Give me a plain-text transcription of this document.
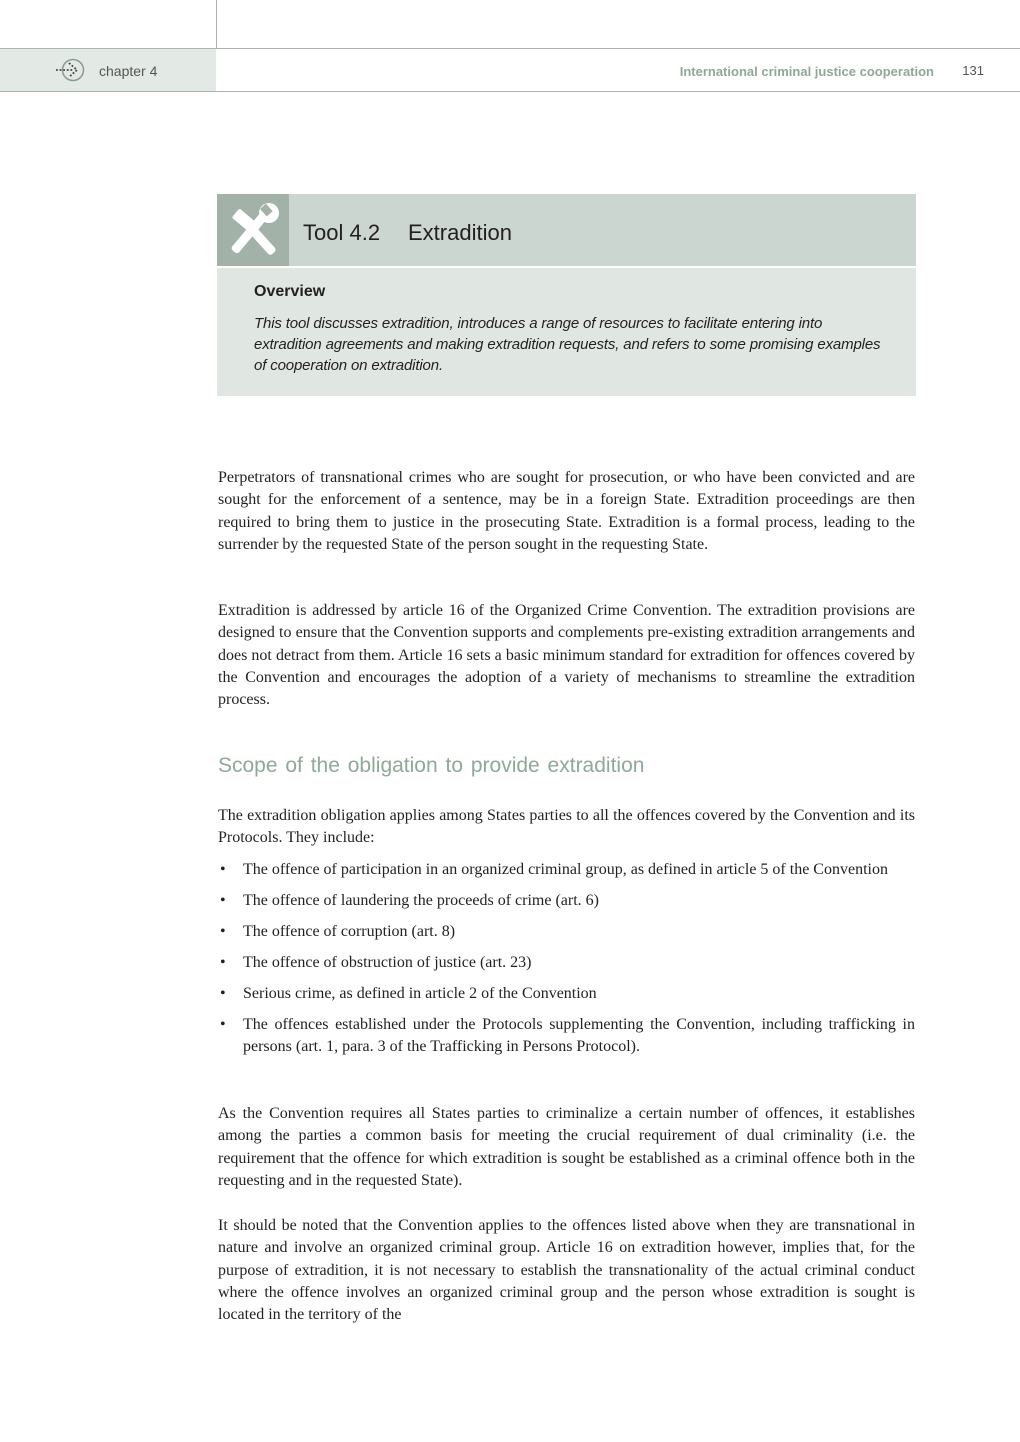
chapter 4	International criminal justice cooperation 131
Tool 4.2 Extradition
Overview
This tool discusses extradition, introduces a range of resources to facilitate entering into extradition agreements and making extradition requests, and refers to some promising examples of cooperation on extradition.

Perpetrators of transnational crimes who are sought for prosecution, or who have been convicted and are sought for the enforcement of a sentence, may be in a foreign State. Extradition proceedings are then required to bring them to justice in the prosecuting State. Extradition is a formal process, leading to the surrender by the requested State of the person sought in the requesting State.

Extradition is addressed by article 16 of the Organized Crime Convention. The extradition provisions are designed to ensure that the Convention supports and complements pre-existing extradition arrangements and does not detract from them. Article 16 sets a basic minimum standard for extradition for offences covered by the Convention and encourages the adoption of a variety of mechanisms to streamline the extradition process.

Scope of the obligation to provide extradition

The extradition obligation applies among States parties to all the offences covered by the Convention and its Protocols. They include:

• The offence of participation in an organized criminal group, as defined in article 5 of the Convention
• The offence of laundering the proceeds of crime (art. 6)
• The offence of corruption (art. 8)
• The offence of obstruction of justice (art. 23)
• Serious crime, as defined in article 2 of the Convention
• The offences established under the Protocols supplementing the Convention, including trafficking in persons (art. 1, para. 3 of the Trafficking in Persons Protocol).

As the Convention requires all States parties to criminalize a certain number of offences, it establishes among the parties a common basis for meeting the crucial requirement of dual criminality (i.e. the requirement that the offence for which extradition is sought be established as a criminal offence both in the requesting and in the requested State).

It should be noted that the Convention applies to the offences listed above when they are transnational in nature and involve an organized criminal group. Article 16 on extradition however, implies that, for the purpose of extradition, it is not necessary to establish the transnationality of the actual criminal conduct where the offence involves an organized criminal group and the person whose extradition is sought is located in the territory of the
